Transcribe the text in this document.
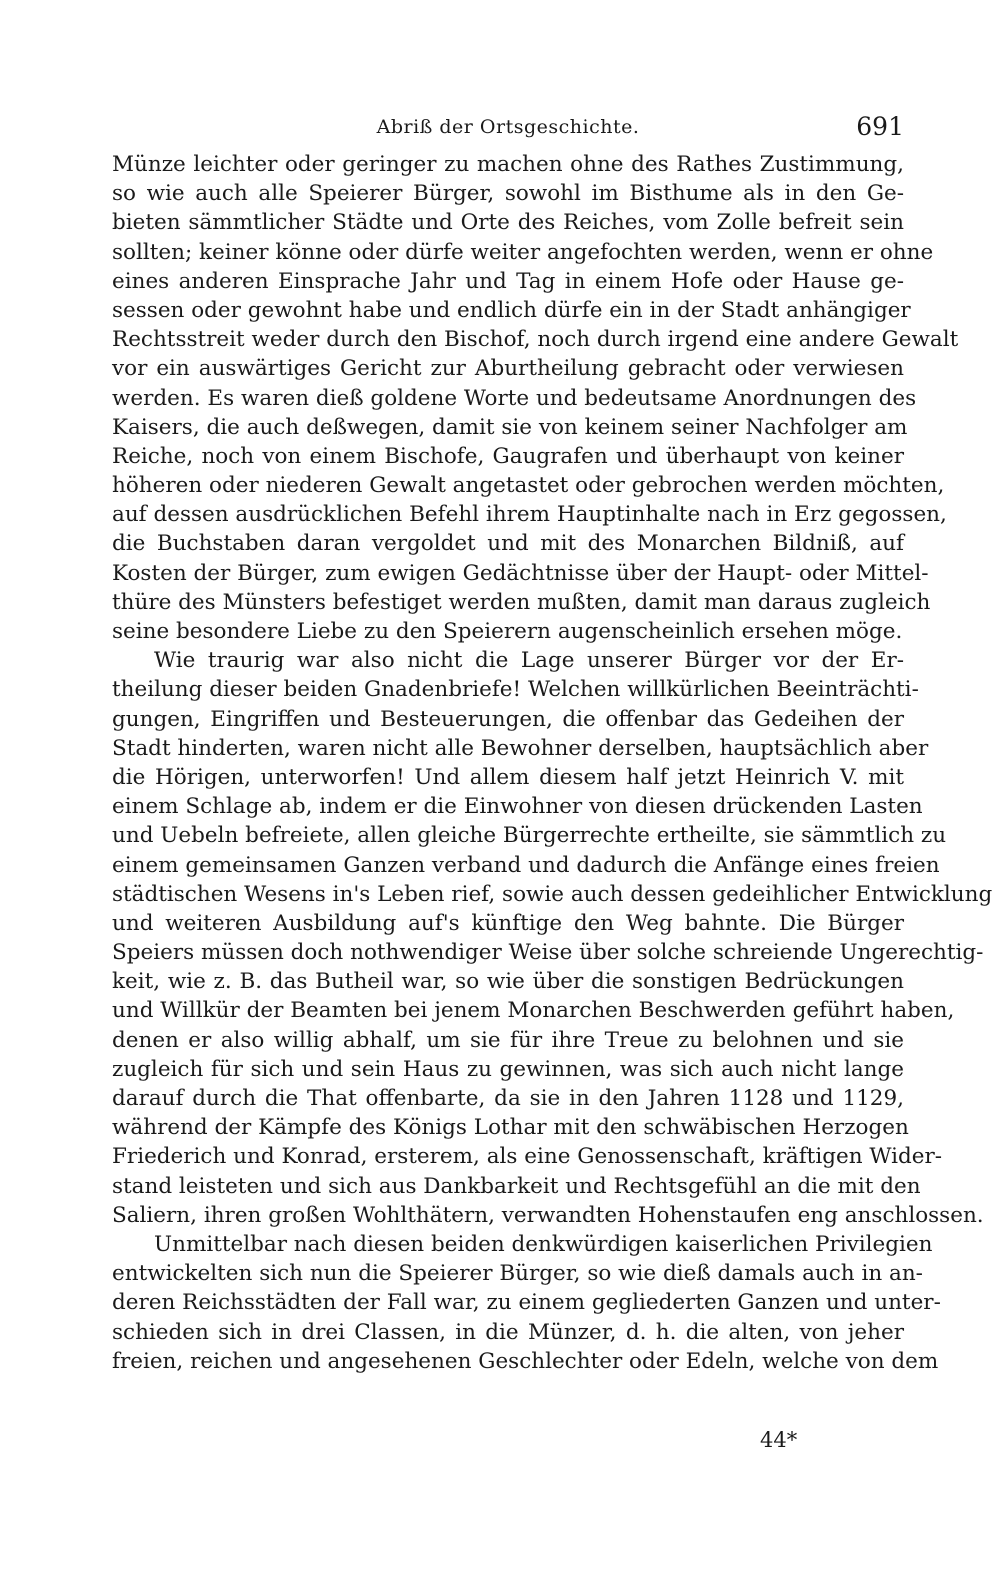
Abriß der Ortsgeschichte.	691
Münze leichter oder geringer zu machen ohne des Rathes Zustimmung,
so wie auch alle Speierer Bürger, sowohl im Bisthume als in den Ge-
bieten sämmtlicher Städte und Orte des Reiches, vom Zolle befreit sein
sollten; keiner könne oder dürfe weiter angefochten werden, wenn er ohne
eines anderen Einsprache Jahr und Tag in einem Hofe oder Hause ge-
sessen oder gewohnt habe und endlich dürfe ein in der Stadt anhängiger
Rechtsstreit weder durch den Bischof, noch durch irgend eine andere Gewalt
vor ein auswärtiges Gericht zur Aburtheilung gebracht oder verwiesen
werden. Es waren dieß goldene Worte und bedeutsame Anordnungen des
Kaisers, die auch deßwegen, damit sie von keinem seiner Nachfolger am
Reiche, noch von einem Bischofe, Gaugrafen und überhaupt von keiner
höheren oder niederen Gewalt angetastet oder gebrochen werden möchten,
auf dessen ausdrücklichen Befehl ihrem Hauptinhalte nach in Erz gegossen,
die Buchstaben daran vergoldet und mit des Monarchen Bildniß, auf
Kosten der Bürger, zum ewigen Gedächtnisse über der Haupt- oder Mittel-
thüre des Münsters befestiget werden mußten, damit man daraus zugleich
seine besondere Liebe zu den Speierern augenscheinlich ersehen möge.
Wie traurig war also nicht die Lage unserer Bürger vor der Er-
theilung dieser beiden Gnadenbriefe! Welchen willkürlichen Beeinträchti-
gungen, Eingriffen und Besteuerungen, die offenbar das Gedeihen der
Stadt hinderten, waren nicht alle Bewohner derselben, hauptsächlich aber
die Hörigen, unterworfen! Und allem diesem half jetzt Heinrich V. mit
einem Schlage ab, indem er die Einwohner von diesen drückenden Lasten
und Uebeln befreiete, allen gleiche Bürgerrechte ertheilte, sie sämmtlich zu
einem gemeinsamen Ganzen verband und dadurch die Anfänge eines freien
städtischen Wesens in's Leben rief, sowie auch dessen gedeihlicher Entwicklung
und weiteren Ausbildung auf's künftige den Weg bahnte. Die Bürger
Speiers müssen doch nothwendiger Weise über solche schreiende Ungerechtig-
keit, wie z. B. das Butheil war, so wie über die sonstigen Bedrückungen
und Willkür der Beamten bei jenem Monarchen Beschwerden geführt haben,
denen er also willig abhalf, um sie für ihre Treue zu belohnen und sie
zugleich für sich und sein Haus zu gewinnen, was sich auch nicht lange
darauf durch die That offenbarte, da sie in den Jahren 1128 und 1129,
während der Kämpfe des Königs Lothar mit den schwäbischen Herzogen
Friederich und Konrad, ersterem, als eine Genossenschaft, kräftigen Wider-
stand leisteten und sich aus Dankbarkeit und Rechtsgefühl an die mit den
Saliern, ihren großen Wohlthätern, verwandten Hohenstaufen eng anschlossen.
Unmittelbar nach diesen beiden denkwürdigen kaiserlichen Privilegien
entwickelten sich nun die Speierer Bürger, so wie dieß damals auch in an-
deren Reichsstädten der Fall war, zu einem gegliederten Ganzen und unter-
schieden sich in drei Classen, in die Münzer, d. h. die alten, von jeher
freien, reichen und angesehenen Geschlechter oder Edeln, welche von dem
44*
